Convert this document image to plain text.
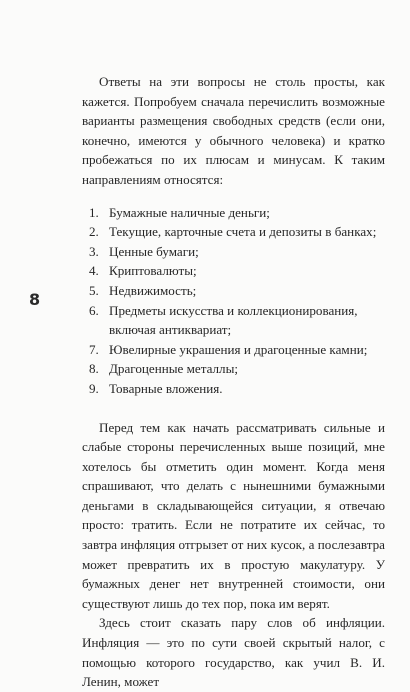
8

Ответы на эти вопросы не столь просты, как кажется. Попробуем сначала перечислить возможные варианты размещения свободных средств (если они, конечно, имеются у обычного человека) и кратко пробежаться по их плюсам и минусам. К таким направлениям относятся:

1. Бумажные наличные деньги;
2. Текущие, карточные счета и депозиты в банках;
3. Ценные бумаги;
4. Криптовалюты;
5. Недвижимость;
6. Предметы искусства и коллекционирования, включая антиквариат;
7. Ювелирные украшения и драгоценные камни;
8. Драгоценные металлы;
9. Товарные вложения.

Перед тем как начать рассматривать сильные и слабые стороны перечисленных выше позиций, мне хотелось бы отметить один момент. Когда меня спрашивают, что делать с нынешними бумажными деньгами в складывающейся ситуации, я отвечаю просто: тратить. Если не потратите их сейчас, то завтра инфляция отгрызет от них кусок, а послезавтра может превратить их в простую макулатуру. У бумажных денег нет внутренней стоимости, они существуют лишь до тех пор, пока им верят.

Здесь стоит сказать пару слов об инфляции. Инфляция — это по сути своей скрытый налог, с помощью которого государство, как учил В. И. Ленин, может
